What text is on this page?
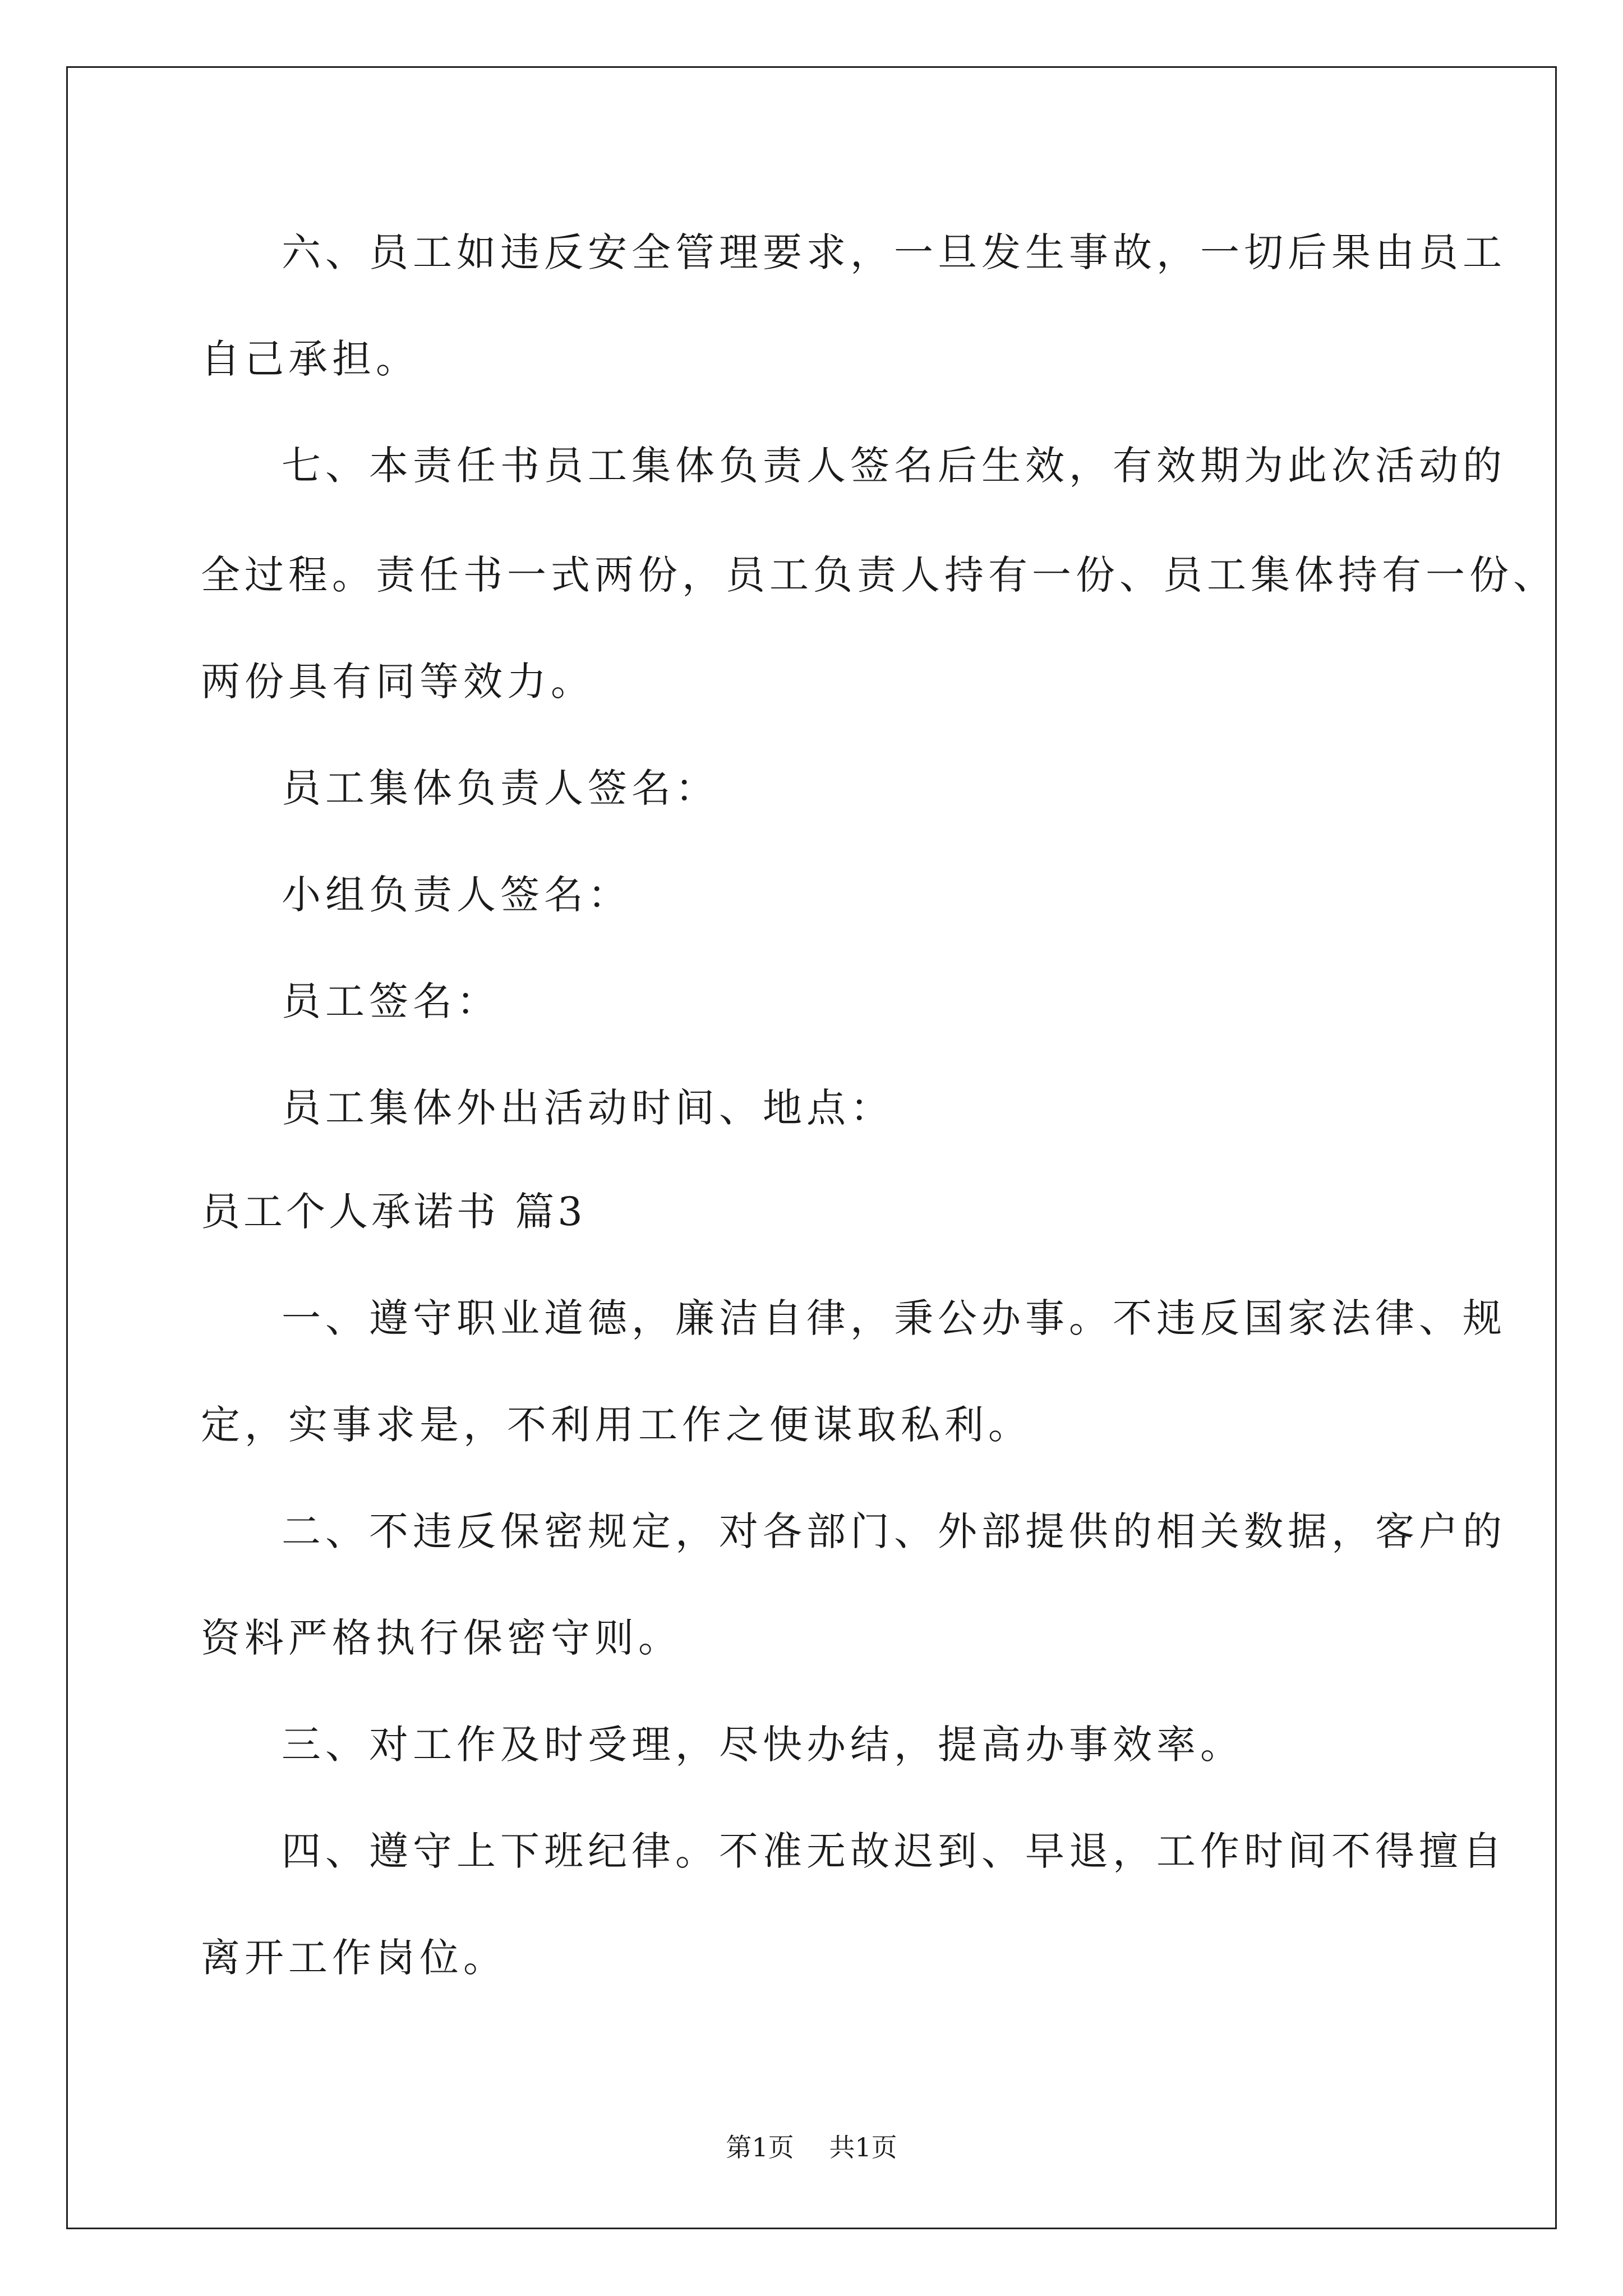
六、员工如违反安全管理要求，一旦发生事故，一切后果由员工
自己承担。
七、本责任书员工集体负责人签名后生效，有效期为此次活动的
全过程。责任书一式两份，员工负责人持有一份、员工集体持有一份、
两份具有同等效力。
员工集体负责人签名：
小组负责人签名：
员工签名：
员工集体外出活动时间、地点：
员工个人承诺书 篇3
一、遵守职业道德，廉洁自律，秉公办事。不违反国家法律、规
定，实事求是，不利用工作之便谋取私利。
二、不违反保密规定，对各部门、外部提供的相关数据，客户的
资料严格执行保密守则。
三、对工作及时受理，尽快办结，提高办事效率。
四、遵守上下班纪律。不准无故迟到、早退，工作时间不得擅自
离开工作岗位。
第1页 共1页
